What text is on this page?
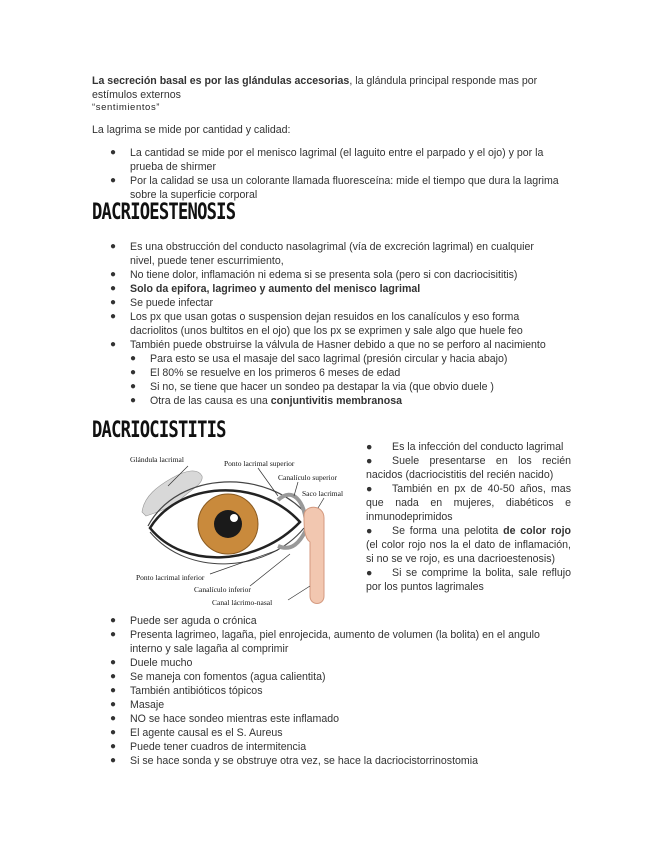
La secreción basal es por las glándulas accesorias, la glándula principal responde mas por

estímulos externos

“sentimientos”

La lagrima se mide por cantidad y calidad:

● La cantidad se mide por el menisco lagrimal (el laguito entre el parpado y el ojo) y por la
prueba de shirmer
● Por la calidad se usa un colorante llamada fluoresceína: mide el tiempo que dura la lagrima
sobre la superficie corporal
DACRIOESTENOSIS
● Es una obstrucción del conducto nasolagrimal (vía de excreción lagrimal) en cualquier
nivel, puede tener escurrimiento,
● No tiene dolor, inflamación ni edema si se presenta sola (pero si con dacriocisititis)
● Solo da epifora, lagrimeo y aumento del menisco lagrimal
● Se puede infectar
● Los px que usan gotas o suspension dejan resuidos en los canalículos y eso forma
dacriolitos (unos bultitos en el ojo) que los px se exprimen y sale algo que huele feo
● También puede obstruirse la válvula de Hasner debido a que no se perforo al nacimiento
● Para esto se usa el masaje del saco lagrimal (presión circular y hacia abajo)
● El 80% se resuelve en los primeros 6 meses de edad
● Si no, se tiene que hacer un sondeo pa destapar la via (que obvio duele )
● Otra de las causa es una conjuntivitis membranosa
DACRIOCISTITIS
Glándula lacrimal	Ponto lacrimal superior
Canalículo superior
Saco lacrimal
Ponto lacrimal inferior
Canalículo inferior
Canal lácrimo-nasal

● Es la infección del conducto lagrimal

● Suele presentarse en los recién nacidos (dacriocistitis del recién nacido)

● También en px de 40-50 años, mas que nada en mujeres, diabéticos e inmunodeprimidos

● Se forma una pelotita de color rojo (el color rojo nos la el dato de inflamación, si no se ve rojo, es una dacrioestenosis)

● Si se comprime la bolita, sale reflujo por los puntos lagrimales

● Puede ser aguda o crónica
● Presenta lagrimeo, lagaña, piel enrojecida, aumento de volumen (la bolita) en el angulo
interno y sale lagaña al comprimir
● Duele mucho
● Se maneja con fomentos (agua calientita)
● También antibióticos tópicos
● Masaje
● NO se hace sondeo mientras este inflamado
● El agente causal es el S. Aureus
● Puede tener cuadros de intermitencia
● Si se hace sonda y se obstruye otra vez, se hace la dacriocistorrinostomia
